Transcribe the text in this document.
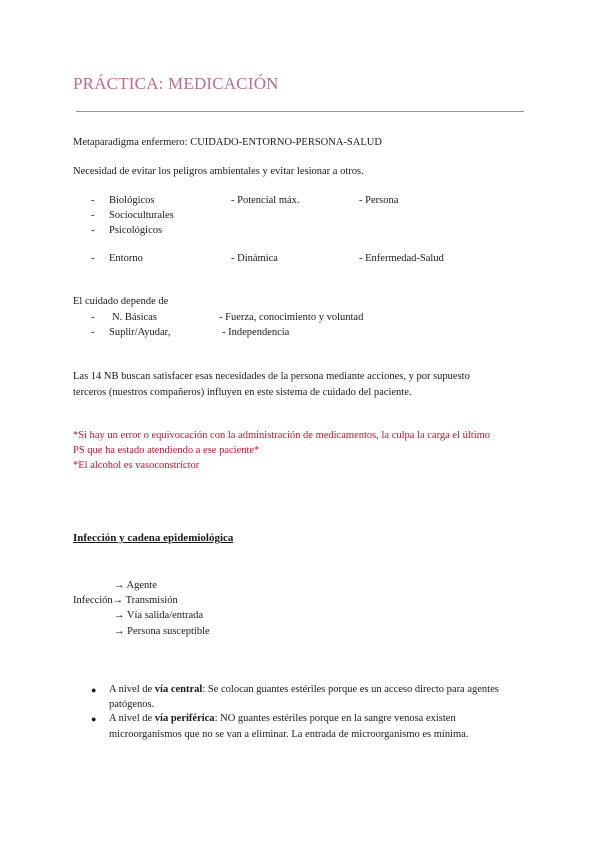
PRÁCTICA: MEDICACIÓN
Metaparadigma enfermero: CUIDADO-ENTORNO-PERSONA-SALUD
Necesidad de evitar los peligros ambientales y evitar lesionar a otros.
- Biológicos	- Potencial máx.	- Persona
- Socioculturales
- Psicológicos
- Entorno	- Dinámica	- Enfermedad-Salud
El cuidado depende de
- N. Básicas	- Fuerza, conocimiento y voluntad
- Suplir/Ayudar,	- Independencia
Las 14 NB buscan satisfacer esas necesidades de la persona mediante acciones, y por supuesto
terceros (nuestros compañeros) influyen en este sistema de cuidado del paciente.
*Si hay un error o equivocación con la administración de medicamentos, la culpa la carga el último
PS que ha estado atendiendo a ese paciente*
*El alcohol es vasoconstrictor
Infección y cadena epidemiológica
→ Agente
Infección→ Transmisión
→ Vía salida/entrada
→ Persona susceptible
● A nivel de vía central: Se colocan guantes estériles porque es un acceso directo para agentes
patógenos.
● A nivel de vía periférica: NO guantes estériles porque en la sangre venosa existen
microorganismos que no se van a eliminar. La entrada de microorganismo es mínima.
